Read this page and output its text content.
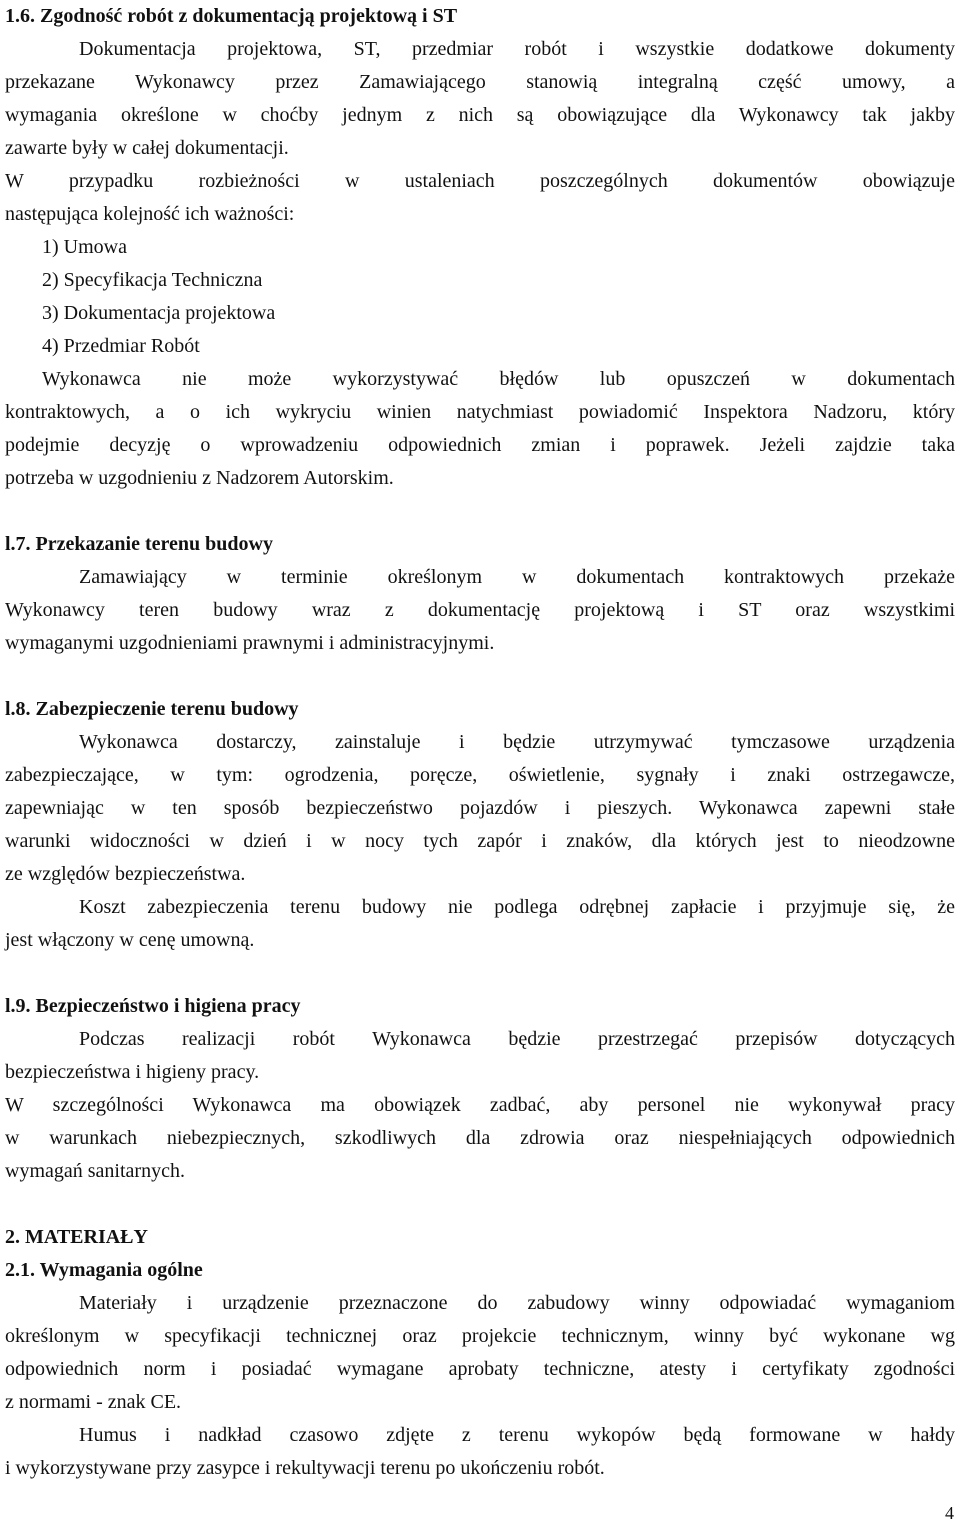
1.6. Zgodność robót z dokumentacją projektową i ST
Dokumentacja projektowa, ST, przedmiar robót i wszystkie dodatkowe dokumenty
przekazane Wykonawcy przez Zamawiającego stanowią integralną część umowy, a
wymagania określone w choćby jednym z nich są obowiązujące dla Wykonawcy tak jakby
zawarte były w całej dokumentacji.
W przypadku rozbieżności w ustaleniach poszczególnych dokumentów obowiązuje
następująca kolejność ich ważności:
1) Umowa
2) Specyfikacja Techniczna
3) Dokumentacja projektowa
4) Przedmiar Robót
Wykonawca nie może wykorzystywać błędów lub opuszczeń w dokumentach
kontraktowych, a o ich wykryciu winien natychmiast powiadomić Inspektora Nadzoru, który
podejmie decyzję o wprowadzeniu odpowiednich zmian i poprawek. Jeżeli zajdzie taka
potrzeba w uzgodnieniu z Nadzorem Autorskim.
l.7. Przekazanie terenu budowy
Zamawiający w terminie określonym w dokumentach kontraktowych przekaże
Wykonawcy teren budowy wraz z dokumentację projektową i ST oraz wszystkimi
wymaganymi uzgodnieniami prawnymi i administracyjnymi.
l.8. Zabezpieczenie terenu budowy
Wykonawca dostarczy, zainstaluje i będzie utrzymywać tymczasowe urządzenia
zabezpieczające, w tym: ogrodzenia, poręcze, oświetlenie, sygnały i znaki ostrzegawcze,
zapewniając w ten sposób bezpieczeństwo pojazdów i pieszych. Wykonawca zapewni stałe
warunki widoczności w dzień i w nocy tych zapór i znaków, dla których jest to nieodzowne
ze względów bezpieczeństwa.
Koszt zabezpieczenia terenu budowy nie podlega odrębnej zapłacie i przyjmuje się, że
jest włączony w cenę umowną.
l.9. Bezpieczeństwo i higiena pracy
Podczas realizacji robót Wykonawca będzie przestrzegać przepisów dotyczących
bezpieczeństwa i higieny pracy.
W szczególności Wykonawca ma obowiązek zadbać, aby personel nie wykonywał pracy
w warunkach niebezpiecznych, szkodliwych dla zdrowia oraz niespełniających odpowiednich
wymagań sanitarnych.
2. MATERIAŁY
2.1. Wymagania ogólne
Materiały i urządzenie przeznaczone do zabudowy winny odpowiadać wymaganiom
określonym w specyfikacji technicznej oraz projekcie technicznym, winny być wykonane wg
odpowiednich norm i posiadać wymagane aprobaty techniczne, atesty i certyfikaty zgodności
z normami - znak CE.
Humus i nadkład czasowo zdjęte z terenu wykopów będą formowane w hałdy
i wykorzystywane przy zasypce i rekultywacji terenu po ukończeniu robót.
4
